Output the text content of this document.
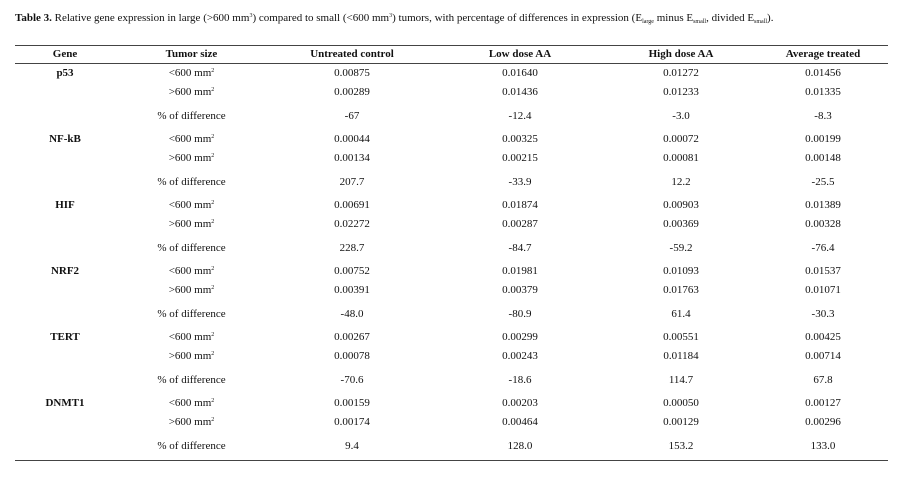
Table 3. Relative gene expression in large (>600 $mm^3$) compared to small (<600 $mm^3$) tumors, with percentage of differences in expression ($E_{large}$ minus $E_{small}$, divided $E_{small}$).
Gene	Tumor size	Untreated control	Low dose AA	High dose AA	Average treated
p53	<600 $mm^2$	0.00875	0.01640	0.01272	0.01456
	>600 $mm^2$	0.00289	0.01436	0.01233	0.01335
	% of difference	-67	-12.4	-3.0	-8.3
NF-kB	<600 $mm^2$	0.00044	0.00325	0.00072	0.00199
	>600 $mm^2$	0.00134	0.00215	0.00081	0.00148
	% of difference	207.7	-33.9	12.2	-25.5
HIF	<600 $mm^2$	0.00691	0.01874	0.00903	0.01389
	>600 $mm^2$	0.02272	0.00287	0.00369	0.00328
	% of difference	228.7	-84.7	-59.2	-76.4
NRF2	<600 $mm^2$	0.00752	0.01981	0.01093	0.01537
	>600 $mm^2$	0.00391	0.00379	0.01763	0.01071
	% of difference	-48.0	-80.9	61.4	-30.3
TERT	<600 $mm^2$	0.00267	0.00299	0.00551	0.00425
	>600 $mm^2$	0.00078	0.00243	0.01184	0.00714
	% of difference	-70.6	-18.6	114.7	67.8
DNMT1	<600 $mm^2$	0.00159	0.00203	0.00050	0.00127
	>600 $mm^2$	0.00174	0.00464	0.00129	0.00296
	% of difference	9.4	128.0	153.2	133.0
